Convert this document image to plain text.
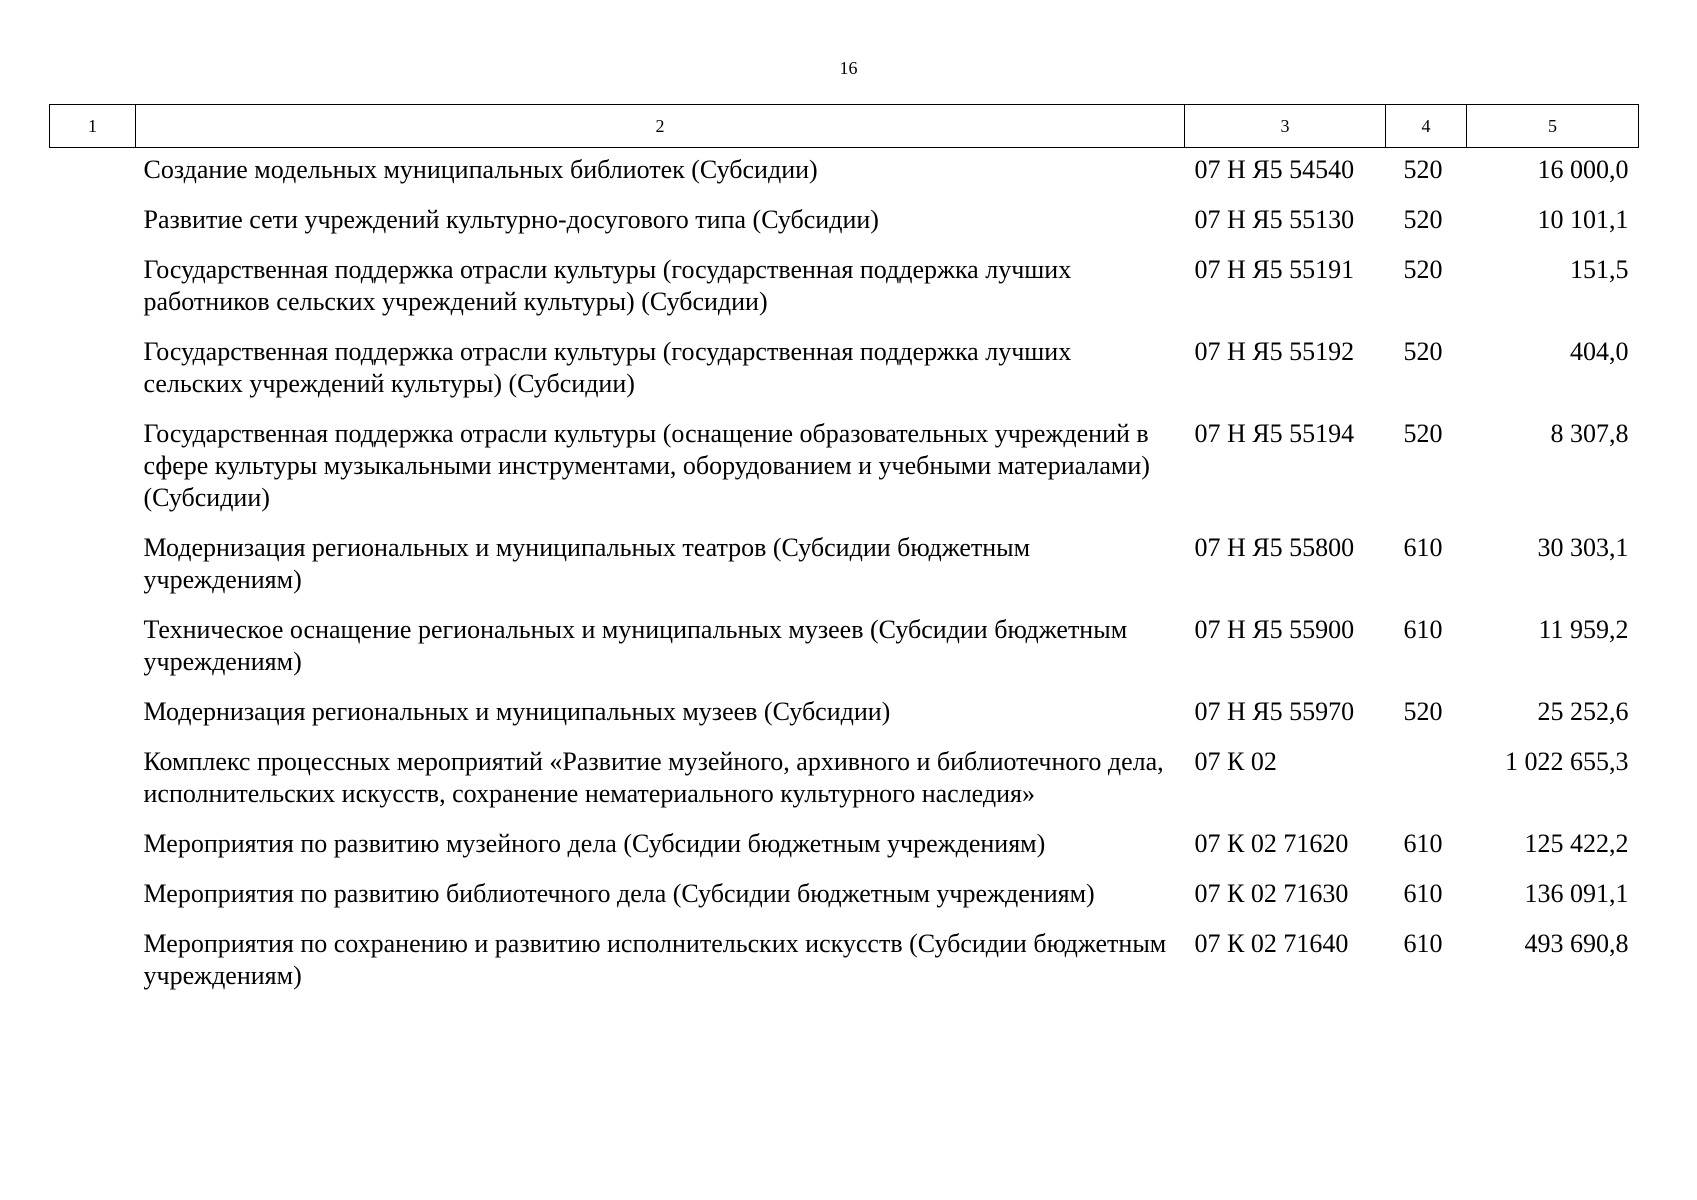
16
1	2	3	4	5
	Создание модельных муниципальных библиотек (Субсидии)	07 Н Я5 54540	520	16 000,0
	Развитие сети учреждений культурно-досугового типа (Субсидии)	07 Н Я5 55130	520	10 101,1
	Государственная поддержка отрасли культуры (государственная поддержка лучших работников сельских учреждений культуры) (Субсидии)	07 Н Я5 55191	520	151,5
	Государственная поддержка отрасли культуры (государственная поддержка лучших сельских учреждений культуры) (Субсидии)	07 Н Я5 55192	520	404,0
	Государственная поддержка отрасли культуры (оснащение образовательных учреждений в сфере культуры музыкальными инструментами, оборудованием и учебными материалами) (Субсидии)	07 Н Я5 55194	520	8 307,8
	Модернизация региональных и муниципальных театров (Субсидии бюджетным учреждениям)	07 Н Я5 55800	610	30 303,1
	Техническое оснащение региональных и муниципальных музеев (Субсидии бюджетным учреждениям)	07 Н Я5 55900	610	11 959,2
	Модернизация региональных и муниципальных музеев (Субсидии)	07 Н Я5 55970	520	25 252,6
	Комплекс процессных мероприятий «Развитие музейного, архивного и библиотечного дела, исполнительских искусств, сохранение нематериального культурного наследия»	07 К 02		1 022 655,3
	Мероприятия по развитию музейного дела (Субсидии бюджетным учреждениям)	07 К 02 71620	610	125 422,2
	Мероприятия по развитию библиотечного дела (Субсидии бюджетным учреждениям)	07 К 02 71630	610	136 091,1
	Мероприятия по сохранению и развитию исполнительских искусств (Субсидии бюджетным учреждениям)	07 К 02 71640	610	493 690,8
